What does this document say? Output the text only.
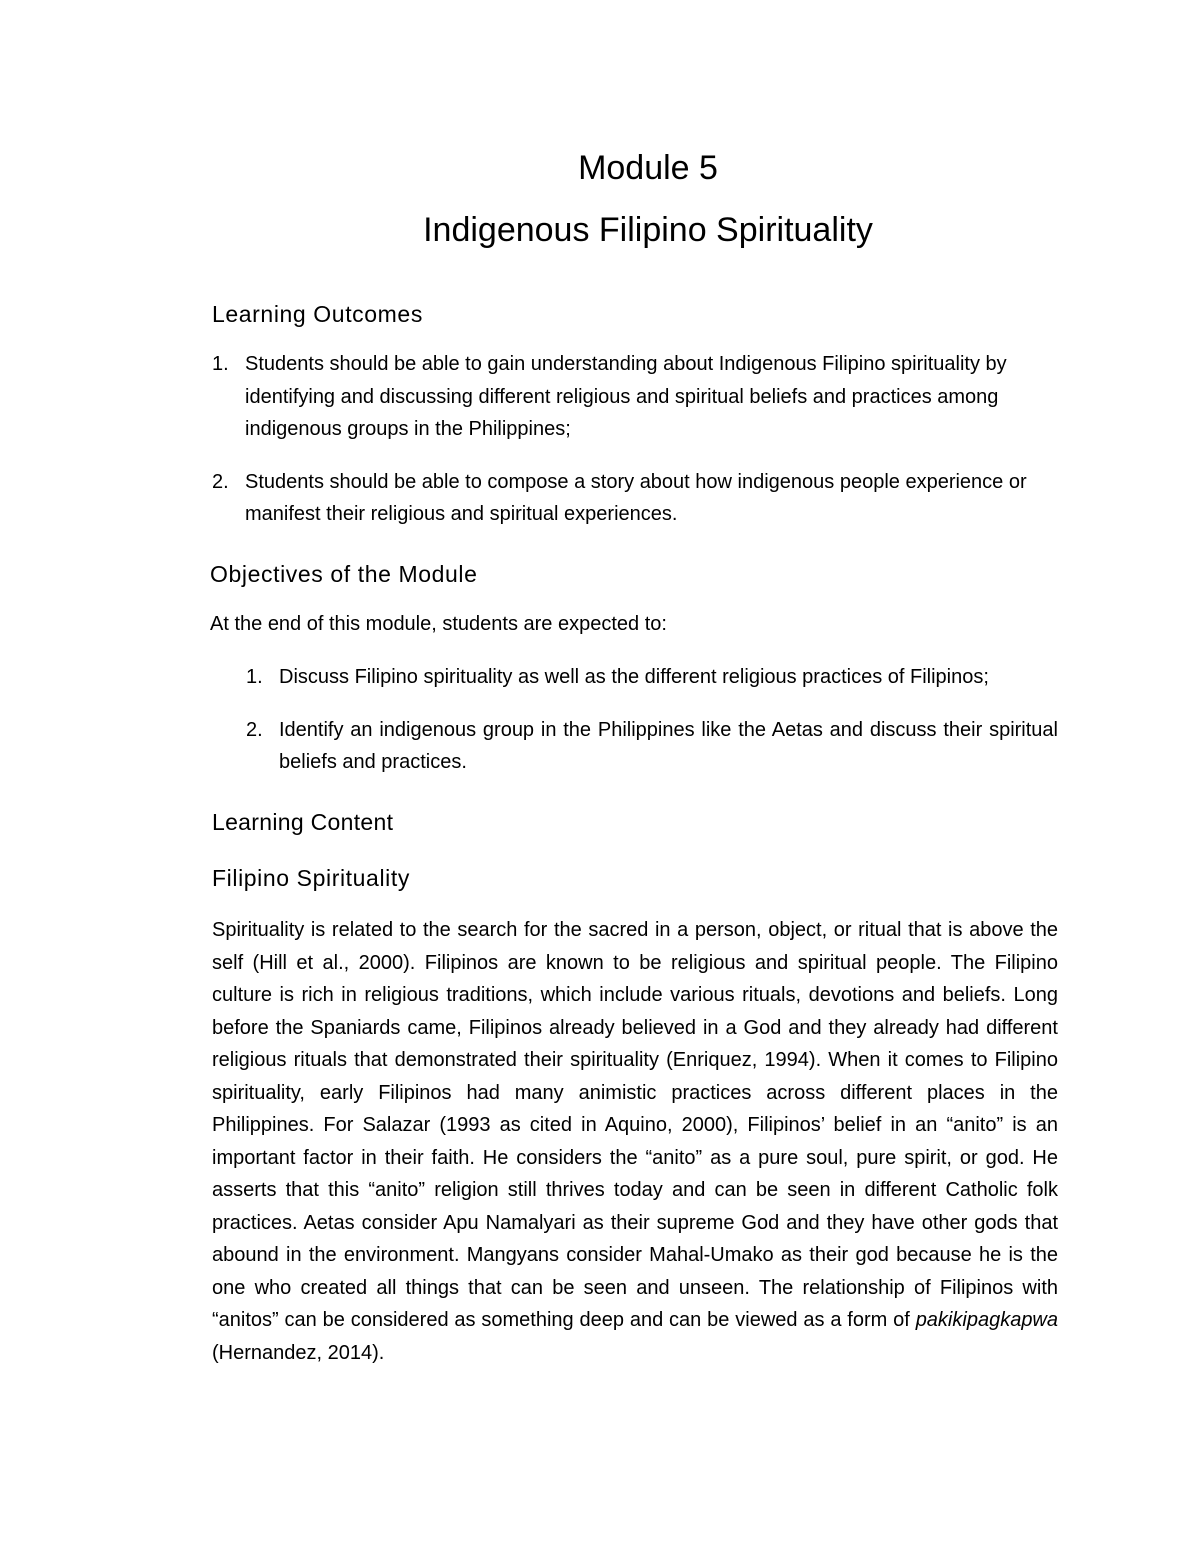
Module 5
Indigenous Filipino Spirituality
Learning Outcomes
1. Students should be able to gain understanding about Indigenous Filipino spirituality by identifying and discussing different religious and spiritual beliefs and practices among indigenous groups in the Philippines;
2. Students should be able to compose a story about how indigenous people experience or manifest their religious and spiritual experiences.
Objectives of the Module

At the end of this module, students are expected to:

1. Discuss Filipino spirituality as well as the different religious practices of Filipinos;
2. Identify an indigenous group in the Philippines like the Aetas and discuss their spiritual beliefs and practices.
Learning Content
Filipino Spirituality

Spirituality is related to the search for the sacred in a person, object, or ritual that is above the self (Hill et al., 2000). Filipinos are known to be religious and spiritual people. The Filipino culture is rich in religious traditions, which include various rituals, devotions and beliefs. Long before the Spaniards came, Filipinos already believed in a God and they already had different religious rituals that demonstrated their spirituality (Enriquez, 1994). When it comes to Filipino spirituality, early Filipinos had many animistic practices across different places in the Philippines. For Salazar (1993 as cited in Aquino, 2000), Filipinos’ belief in an “anito” is an important factor in their faith. He considers the “anito” as a pure soul, pure spirit, or god. He asserts that this “anito” religion still thrives today and can be seen in different Catholic folk practices. Aetas consider Apu Namalyari as their supreme God and they have other gods that abound in the environment. Mangyans consider Mahal-Umako as their god because he is the one who created all things that can be seen and unseen. The relationship of Filipinos with “anitos” can be considered as something deep and can be viewed as a form of pakikipagkapwa (Hernandez, 2014).
